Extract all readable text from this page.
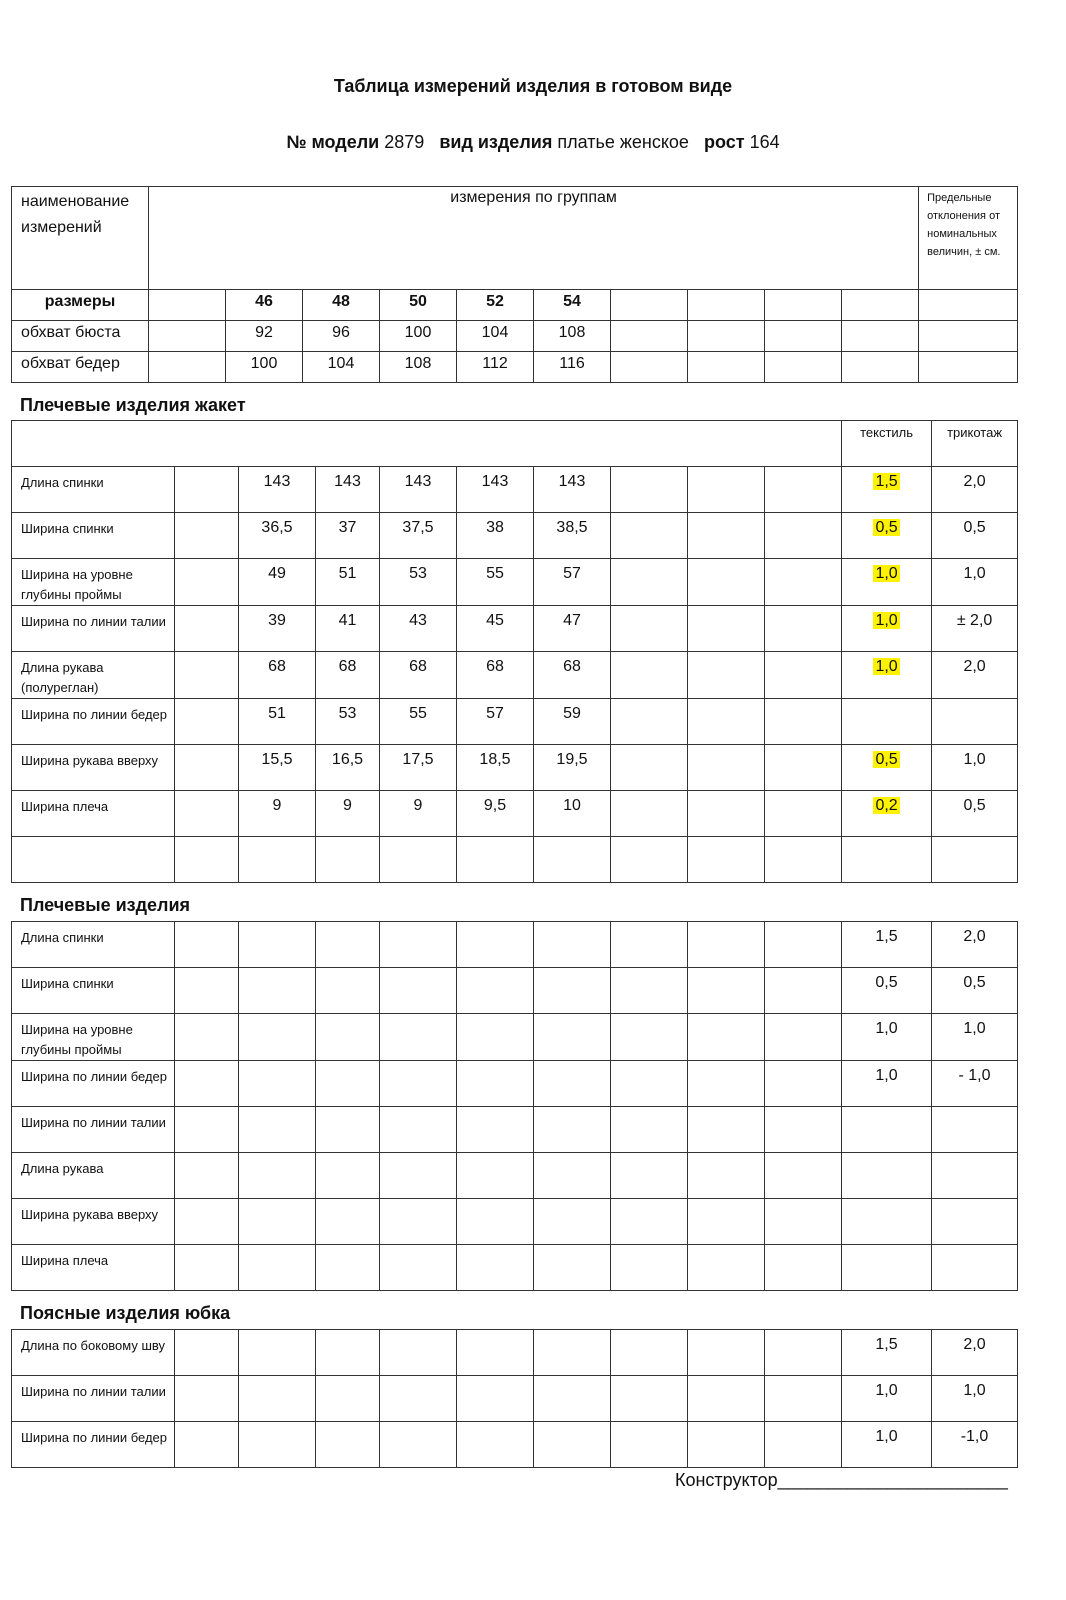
Таблица измерений изделия в готовом виде
№ модели 2879 вид изделия платье женское рост 164
наименование измерений	измерения по группам										Предельные отклонения от номинальных величин, ± см.

размеры		46	48	50	52	54					
обхват бюста		92	96	100	104	108					
обхват бедер		100	104	108	112	116					
Плечевые изделия жакет
										текстиль	трикотаж
Длина спинки		143	143	143	143	143				1,5	2,0
Ширина спинки		36,5	37	37,5	38	38,5				0,5	0,5
Ширина на уровне глубины проймы		49	51	53	55	57				1,0	1,0
Ширина по линии талии		39	41	43	45	47				1,0	± 2,0
Длина рукава (полуреглан)		68	68	68	68	68				1,0	2,0
Ширина по линии бедер		51	53	55	57	59					
Ширина рукава вверху		15,5	16,5	17,5	18,5	19,5				0,5	1,0
Ширина плеча		9	9	9	9,5	10				0,2	0,5

Плечевые изделия
Длина спинки										1,5	2,0
Ширина спинки										0,5	0,5
Ширина на уровне глубины проймы										1,0	1,0
Ширина по линии бедер										1,0	- 1,0
Ширина по линии талии											
Длина рукава											
Ширина рукава вверху											
Ширина плеча											
Поясные изделия юбка
Длина по боковому шву										1,5	2,0
Ширина по линии талии										1,0	1,0
Ширина по линии бедер										1,0	-1,0
Конструктор_______________________
